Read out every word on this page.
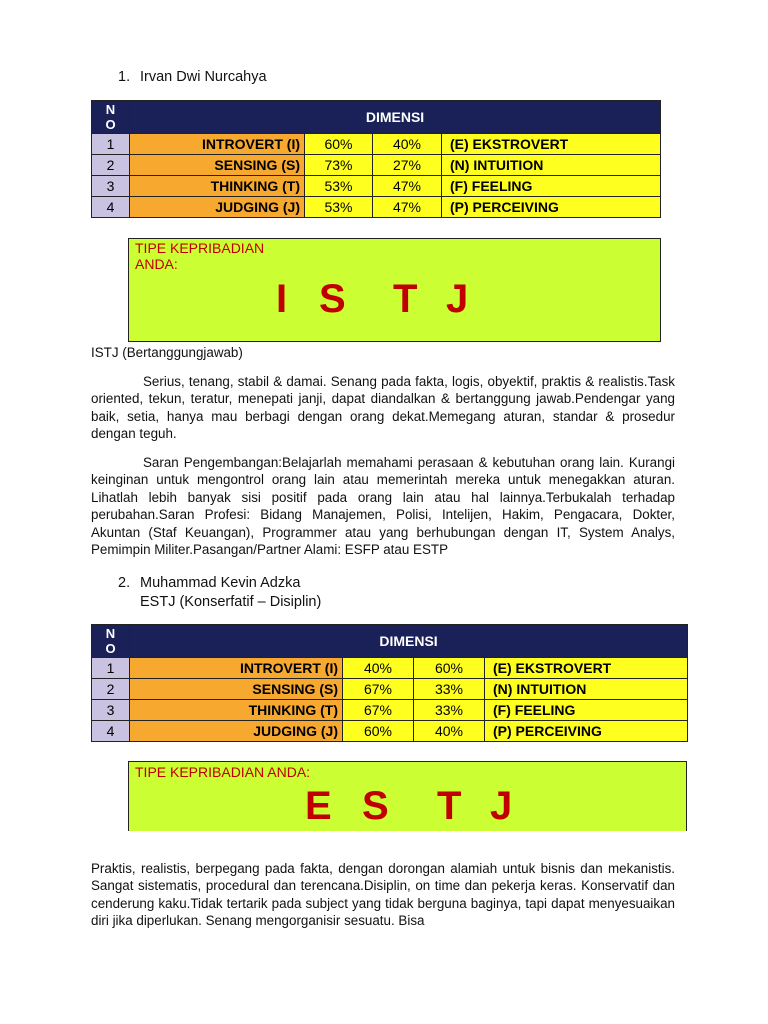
1. Irvan Dwi Nurcahya
N
O	DIMENSI			
1	INTROVERT (I)	60%	40%	(E) EKSTROVERT
2	SENSING (S)	73%	27%	(N) INTUITION
3	THINKING (T)	53%	47%	(F) FEELING
4	JUDGING (J)	53%	47%	(P) PERCEIVING
TIPE KEPRIBADIAN
ANDA:
I S T J
ISTJ (Bertanggungjawab)
Serius, tenang, stabil & damai. Senang pada fakta, logis, obyektif, praktis & realistis.Task oriented, tekun, teratur, menepati janji, dapat diandalkan & bertanggung jawab.Pendengar yang baik, setia, hanya mau berbagi dengan orang dekat.Memegang aturan, standar & prosedur dengan teguh.
Saran Pengembangan:Belajarlah memahami perasaan & kebutuhan orang lain. Kurangi keinginan untuk mengontrol orang lain atau memerintah mereka untuk menegakkan aturan. Lihatlah lebih banyak sisi positif pada orang lain atau hal lainnya.Terbukalah terhadap perubahan.Saran Profesi: Bidang Manajemen, Polisi, Intelijen, Hakim, Pengacara, Dokter, Akuntan (Staf Keuangan), Programmer atau yang berhubungan dengan IT, System Analys, Pemimpin Militer.Pasangan/Partner Alami: ESFP atau ESTP
2. Muhammad Kevin Adzka
ESTJ (Konserfatif – Disiplin)
N
O	DIMENSI			
1	INTROVERT (I)	40%	60%	(E) EKSTROVERT
2	SENSING (S)	67%	33%	(N) INTUITION
3	THINKING (T)	67%	33%	(F) FEELING
4	JUDGING (J)	60%	40%	(P) PERCEIVING
TIPE KEPRIBADIAN ANDA:
E S T J
Praktis, realistis, berpegang pada fakta, dengan dorongan alamiah untuk bisnis dan mekanistis. Sangat sistematis, procedural dan terencana.Disiplin, on time dan pekerja keras. Konservatif dan cenderung kaku.Tidak tertarik pada subject yang tidak berguna baginya, tapi dapat menyesuaikan diri jika diperlukan. Senang mengorganisir sesuatu. Bisa
